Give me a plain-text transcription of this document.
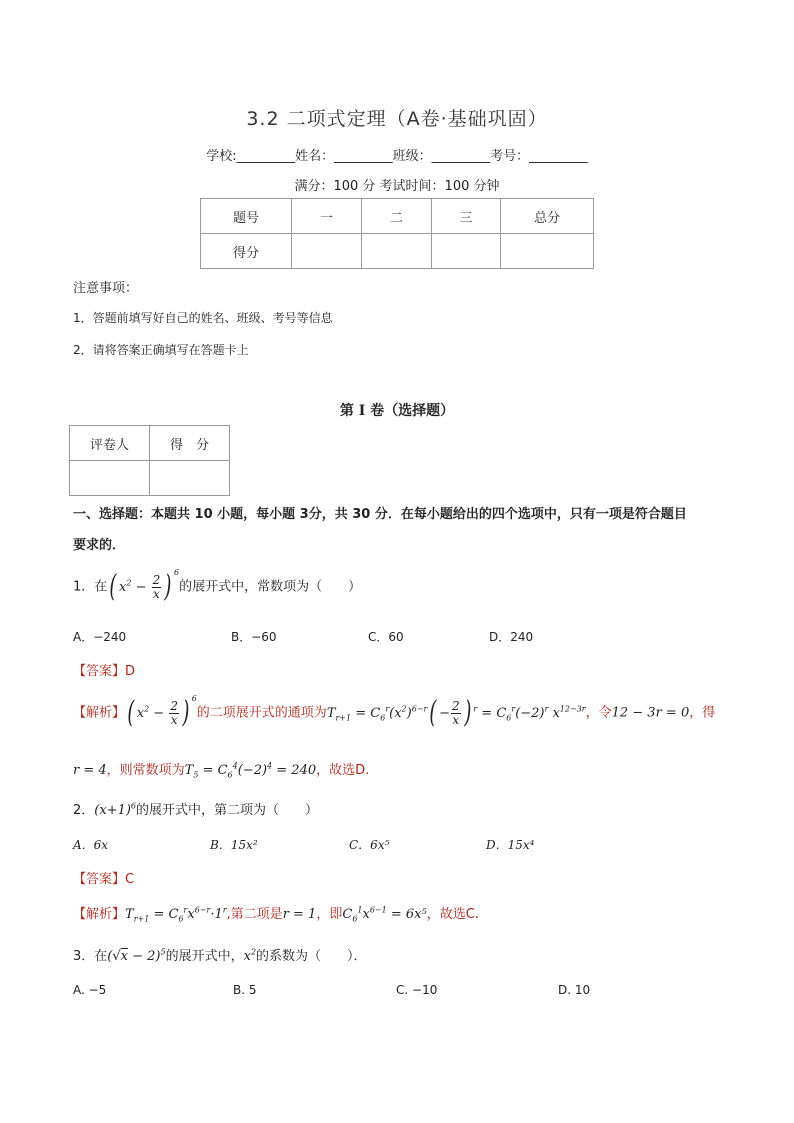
3.2 二项式定理（A卷·基础巩固）
学校:_________姓名：_________班级：_________考号：_________
满分：100 分 考试时间：100 分钟
题号	一	二	三	总分
得分				
注意事项：
1．答题前填写好自己的姓名、班级、考号等信息
2．请将答案正确填写在答题卡上
第 I 卷（选择题）
评卷人	得　分

一、选择题：本题共 10 小题，每小题 3分，共 30 分．在每小题给出的四个选项中，只有一项是符合题目
要求的．
1．在( $x^2 - \frac{2}{x}$ ) $^6$的展开式中，常数项为（　　）
A．−240	B．−60	C．60	D．240
【答案】D
【解析】( $x^2 - \frac{2}{x}$ ) $^6$的二项展开式的通项为$T_{r+1} = C_6^r(x^2)^{6-r}( - \frac{2}{x}$ ) $^r = C_6^r(-2)^r$ $x^{12-3r}$，令12 − 3r = 0，得
r = 4，则常数项为$T_5 = C_6^4(-2)^4 = 240$，故选D.
2．$(x+1)^6$的展开式中，第二项为（　　）
A．6x	B．15x²	C．6x⁵	D．15x⁴
【答案】C
【解析】$T_{r+1} = C_6^rx^{6-r}\cdot 1^r$,第二项是r = 1，即$C_6^1x^{6-1} = 6x^5$，故选C.
3．在$(√x - 2)^5$的展开式中，$x^2$的系数为（　　）．
A. −5	B. 5	C. −10	D. 10
